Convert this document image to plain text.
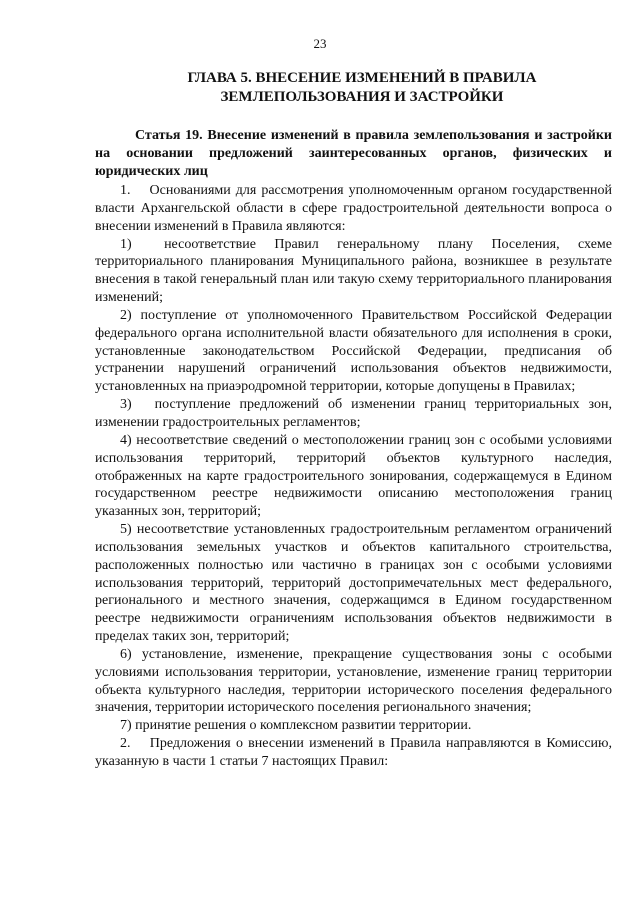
23
ГЛАВА 5. ВНЕСЕНИЕ ИЗМЕНЕНИЙ В ПРАВИЛА ЗЕМЛЕПОЛЬЗОВАНИЯ И ЗАСТРОЙКИ
Статья 19. Внесение изменений в правила землепользования и застройки на основании предложений заинтересованных органов, физических и юридических лиц

1.  Основаниями для рассмотрения уполномоченным органом государственной власти Архангельской области в сфере градостроительной деятельности вопроса о внесении изменений в Правила являются:

1)  несоответствие Правил генеральному плану Поселения, схеме территориального планирования Муниципального района, возникшее в результате внесения в такой генеральный план или такую схему территориального планирования изменений;

2) поступление от уполномоченного Правительством Российской Федерации федерального органа исполнительной власти обязательного для исполнения в сроки, установленные законодательством Российской Федерации, предписания об устранении нарушений ограничений использования объектов недвижимости, установленных на приаэродромной территории, которые допущены в Правилах;

3)  поступление предложений об изменении границ территориальных зон, изменении градостроительных регламентов;

4) несоответствие сведений о местоположении границ зон с особыми условиями использования территорий, территорий объектов культурного наследия, отображенных на карте градостроительного зонирования, содержащемуся в Едином государственном реестре недвижимости описанию местоположения границ указанных зон, территорий;

5) несоответствие установленных градостроительным регламентом ограничений использования земельных участков и объектов капитального строительства, расположенных полностью или частично в границах зон с особыми условиями использования территорий, территорий достопримечательных мест федерального, регионального и местного значения, содержащимся в Едином государственном реестре недвижимости ограничениям использования объектов недвижимости в пределах таких зон, территорий;

6) установление, изменение, прекращение существования зоны с особыми условиями использования территории, установление, изменение границ территории объекта культурного наследия, территории исторического поселения федерального значения, территории исторического поселения регионального значения;

7) принятие решения о комплексном развитии территории.

2.  Предложения о внесении изменений в Правила направляются в Комиссию, указанную в части 1 статьи 7 настоящих Правил:
